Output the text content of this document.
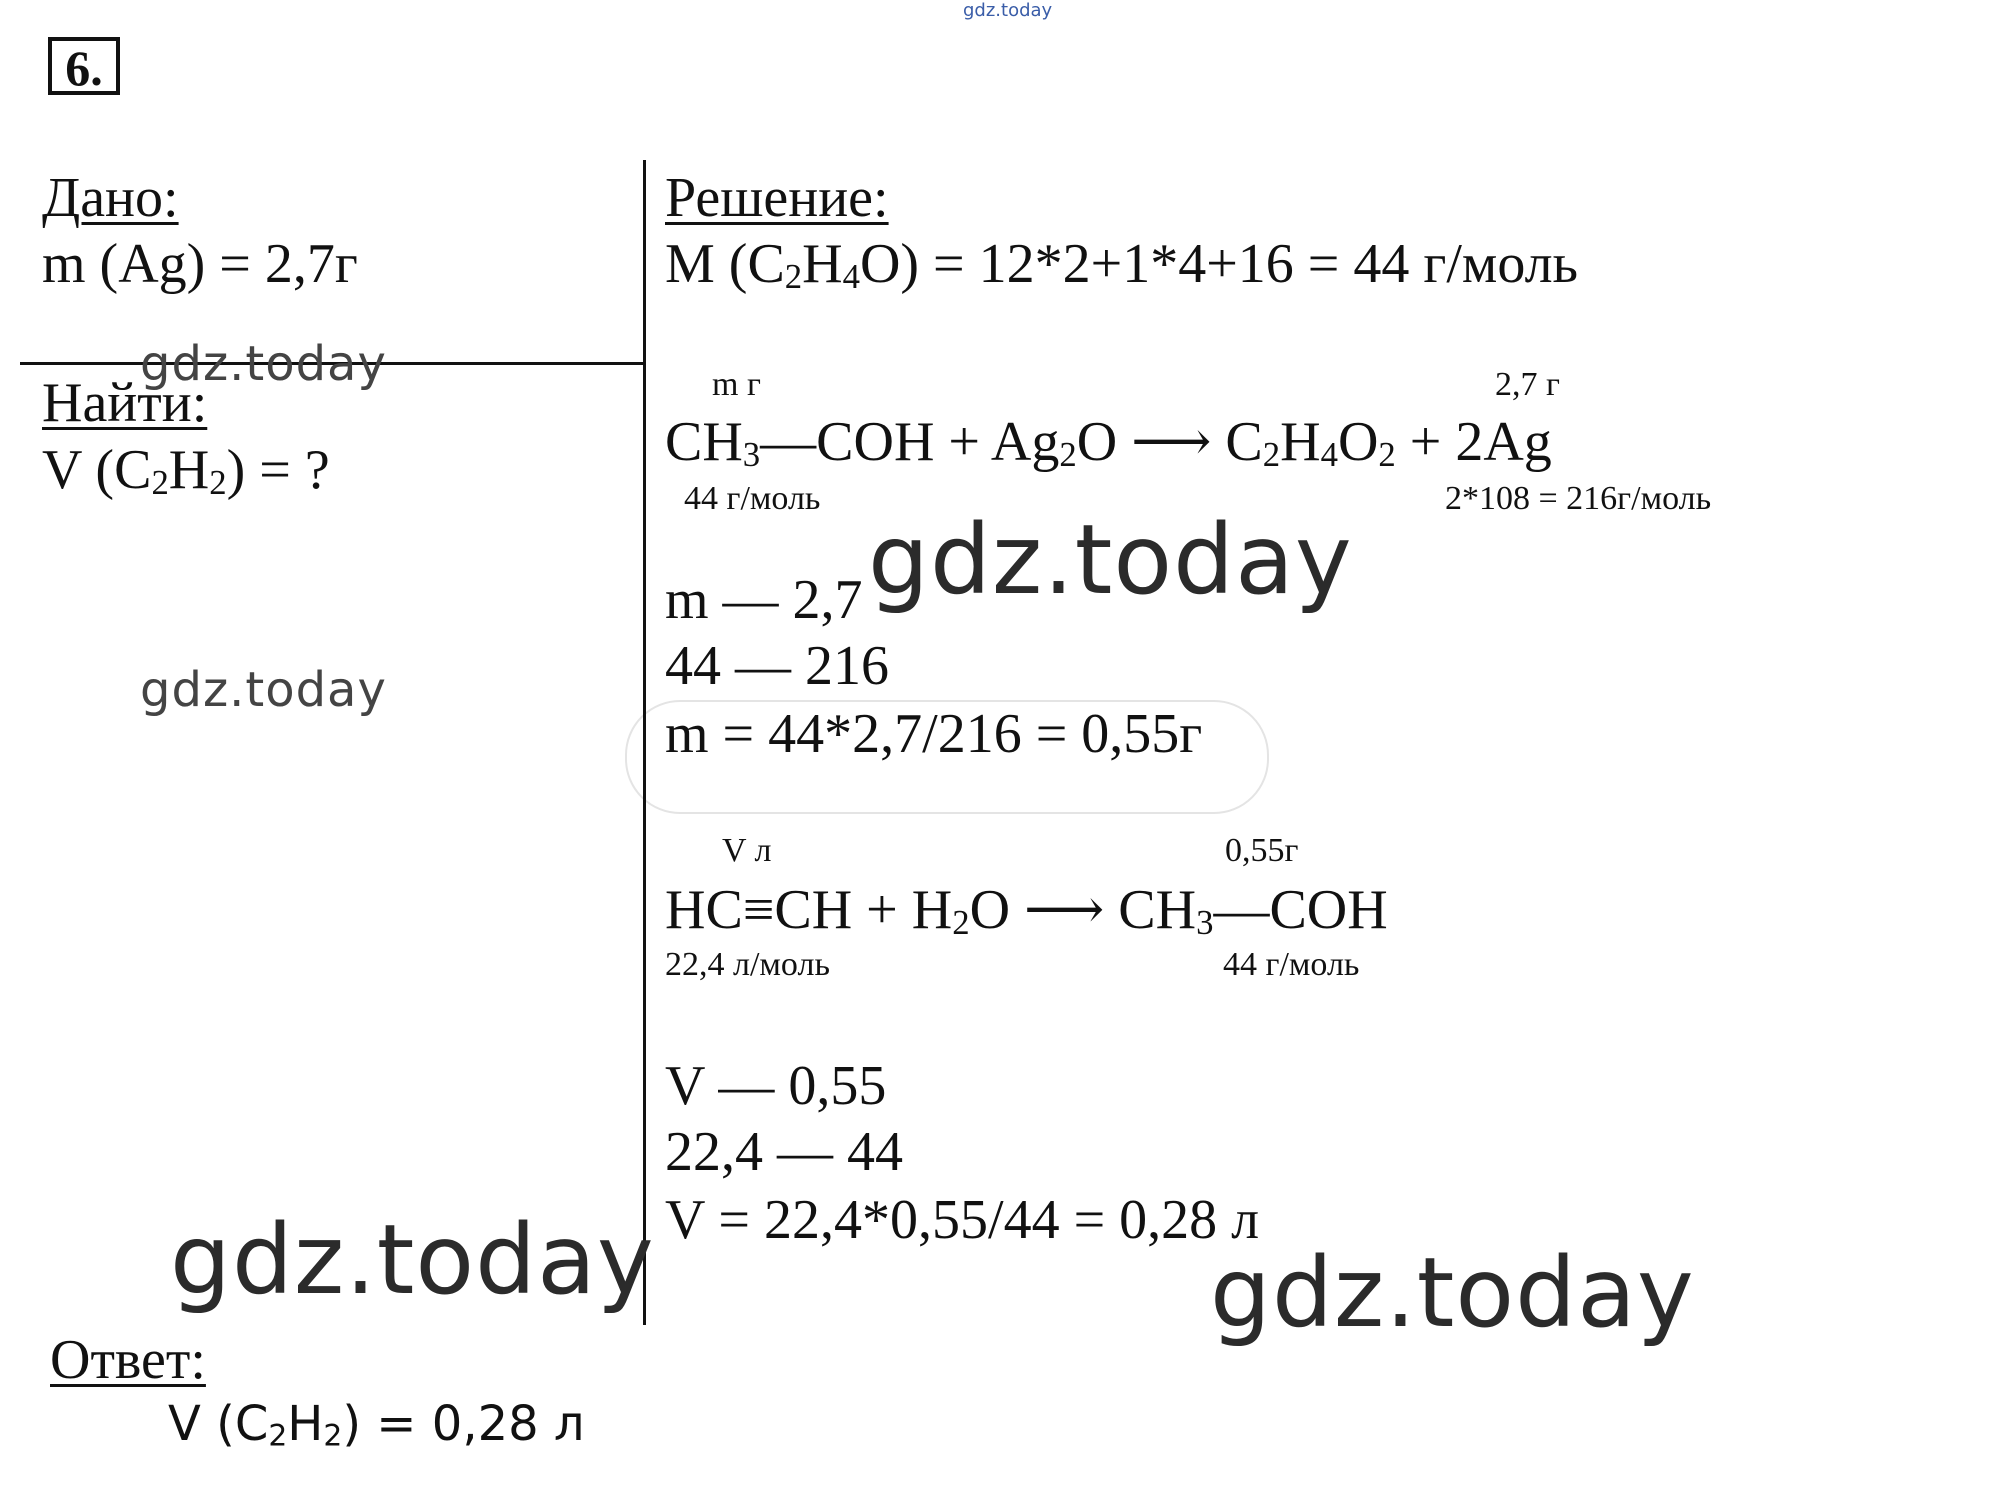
gdz.today
6.
Дано:
m (Ag) = 2,7г
Найти:
V $(C_2H_2)$ = ?
gdz.today
gdz.today
Решение:
M $(C_2H_4O) = 12*2+1*4+16 = 44$ г/моль
m г	2,7 г
$CH_3—COH + Ag_2O$ ⟶ $C_2H_4O_2 + 2Ag$
44 г/моль	2*108 = 216г/моль
m — 2,7
44 — 216
m = 44*2,7/216 = 0,55г
gdz.today
V л	0,55г
$HC\equiv CH + H_2O$ ⟶ $CH_3—COH$
22,4 л/моль	44 г/моль
V — 0,55
22,4 — 44
V = 22,4*0,55/44 = 0,28 л
gdz.today	gdz.today
Ответ:
V $(C_2H_2) = 0,28$ л
